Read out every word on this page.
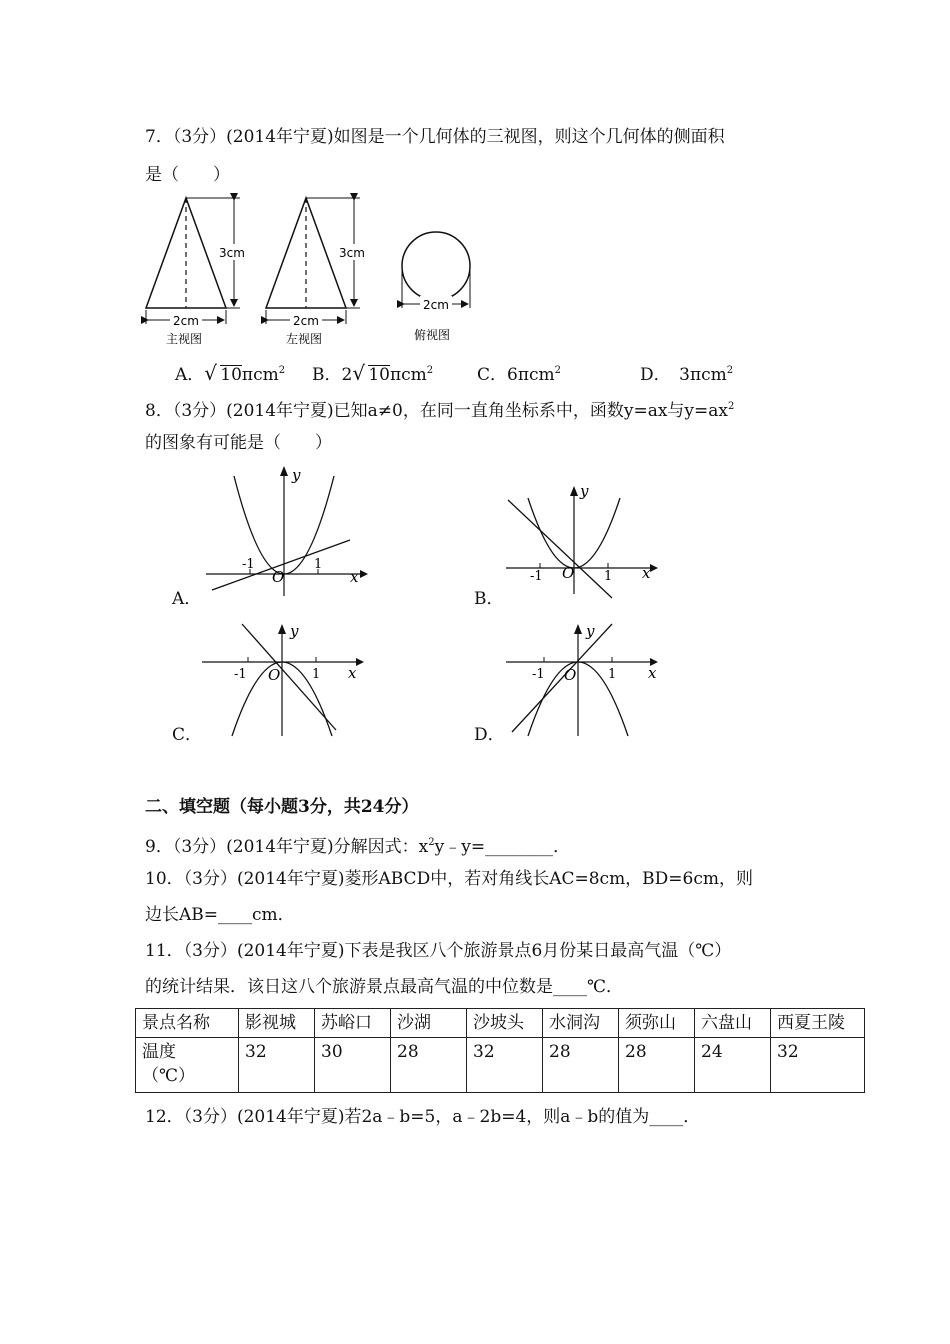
7．（3分）(2014年宁夏)如图是一个几何体的三视图，则这个几何体的侧面积
是（　　）
3cm
2cm
主视图
3cm
2cm
左视图
2cm
俯视图
A． √ 10πcm$^2$ B．2 √ 10πcm$^2$	C．6πcm$^2$	D．　3πcm$^2$
8．（3分）(2014年宁夏)已知a≠0，在同一直角坐标系中，函数y=ax与$y=ax^2$
的图象有可能是（　　）
y
x
O
-1	1
A．
y
x
O
-1	1
B．
y
x
O
-1	1
C．
y
x
O
-1	1
D．
二、填空题（每小题3分，共24分）
9．（3分）(2014年宁夏)分解因式：$x^2y﹣y=\_\_\_\_\_\_\_\_$．
10．（3分）(2014年宁夏)菱形ABCD中，若对角线长AC=8cm，BD=6cm，则
边长AB=____cm．
11．（3分）(2014年宁夏)下表是我区八个旅游景点6月份某日最高气温（℃）
的统计结果．该日这八个旅游景点最高气温的中位数是____℃．
景点名称	影视城	苏峪口	沙湖	沙坡头	水洞沟	须弥山	六盘山	西夏王陵

温度
（℃）	32	30	28	32	28	28	24	32
12．（3分）(2014年宁夏)若2a﹣b=5，a﹣2b=4，则a﹣b的值为____．
